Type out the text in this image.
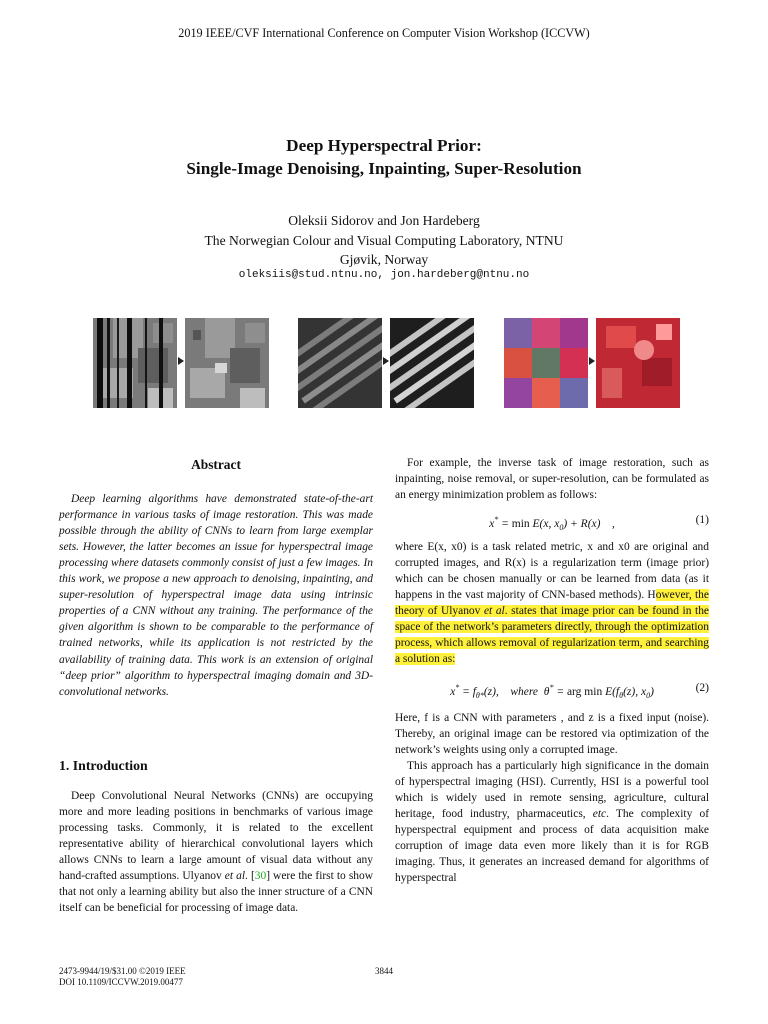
2019 IEEE/CVF International Conference on Computer Vision Workshop (ICCVW)
Deep Hyperspectral Prior:
Single-Image Denoising, Inpainting, Super-Resolution
Oleksii Sidorov and Jon Hardeberg
The Norwegian Colour and Visual Computing Laboratory, NTNU
Gjøvik, Norway
oleksiis@stud.ntnu.no, jon.hardeberg@ntnu.no
Abstract

Deep learning algorithms have demonstrated state-of-the-art performance in various tasks of image restoration. This was made possible through the ability of CNNs to learn from large exemplar sets. However, the latter becomes an issue for hyperspectral image processing where datasets commonly consist of just a few images. In this work, we propose a new approach to denoising, inpainting, and super-resolution of hyperspectral image data using intrinsic properties of a CNN without any training. The performance of the given algorithm is shown to be comparable to the performance of trained networks, while its application is not restricted by the availability of training data. This work is an extension of original “deep prior” algorithm to hyperspectral imaging domain and 3D-convolutional networks.

1. Introduction

Deep Convolutional Neural Networks (CNNs) are occupying more and more leading positions in benchmarks of various image processing tasks. Commonly, it is related to the excellent representative ability of hierarchical convolutional layers which allows CNNs to learn a large amount of visual data without any hand-crafted assumptions. Ulyanov et al. [30] were the first to show that not only a learning ability but also the inner structure of a CNN itself can be beneficial for processing of image data.

For example, the inverse task of image restoration, such as inpainting, noise removal, or super-resolution, can be formulated as an energy minimization problem as follows:

x* = min E(x, $x_0) + R(x)$    ,	(1)

where E(x, x0) is a task related metric, x and x0 are original and corrupted images, and R(x) is a regularization term (image prior) which can be chosen manually or can be learned from data (as it happens in the vast majority of CNN-based methods). However, the theory of Ulyanov et al. states that image prior can be found in the space of the network’s parameters directly, through the optimization process, which allows removal of regularization term, and searching a solution as:

$x^* = f_{\theta*}(z)$,    where  θ* = arg $\min E(f_\theta(z)$, $x_0$)	(2)

Here, f is a CNN with parameters , and z is a fixed input (noise). Thereby, an original image can be restored via optimization of the network’s weights using only a corrupted image.

This approach has a particularly high significance in the domain of hyperspectral imaging (HSI). Currently, HSI is a powerful tool which is widely used in remote sensing, agriculture, cultural heritage, food industry, pharmaceutics, etc. The complexity of hyperspectral equipment and process of data acquisition make corruption of image data even more likely than it is for RGB imaging. Thus, it generates an increased demand for algorithms of hyperspectral

2473-9944/19/$31.00 ©2019 IEEE
DOI 10.1109/ICCVW.2019.00477
3844
